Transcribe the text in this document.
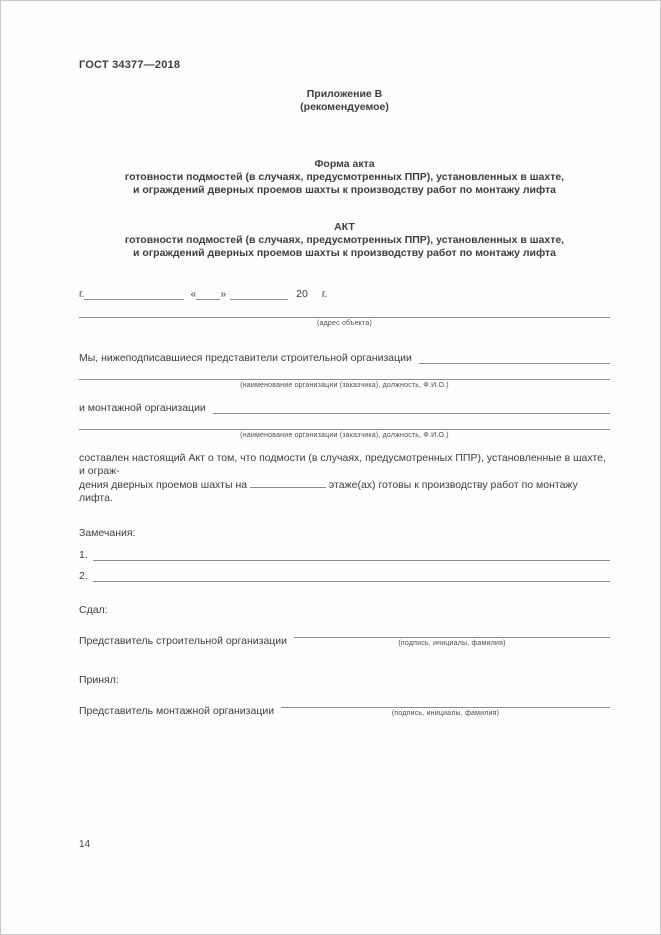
ГОСТ 34377—2018
Приложение В
(рекомендуемое)
Форма акта
готовности подмостей (в случаях, предусмотренных ППР), установленных в шахте,
и ограждений дверных проемов шахты к производству работ по монтажу лифта
АКТ
готовности подмостей (в случаях, предусмотренных ППР), установленных в шахте,
и ограждений дверных проемов шахты к производству работ по монтажу лифта
г.	« »	20 г.
(адрес объекта)
Мы, нижеподписавшиеся представители строительной организации
(наименование организации (заказчика), должность, Ф.И.О.)
и монтажной организации
(наименование организации (заказчика), должность, Ф.И.О.)
составлен настоящий Акт о том, что подмости (в случаях, предусмотренных ППР), установленные в шахте, и ограж-
дения дверных проемов шахты на	этаже(ах) готовы к производству работ по монтажу лифта.
Замечания:
1.
2.
Сдал:
Представитель строительной организации	(подпись, инициалы, фамилия)
Принял:
Представитель монтажной организации	(подпись, инициалы, фамилия)
14
